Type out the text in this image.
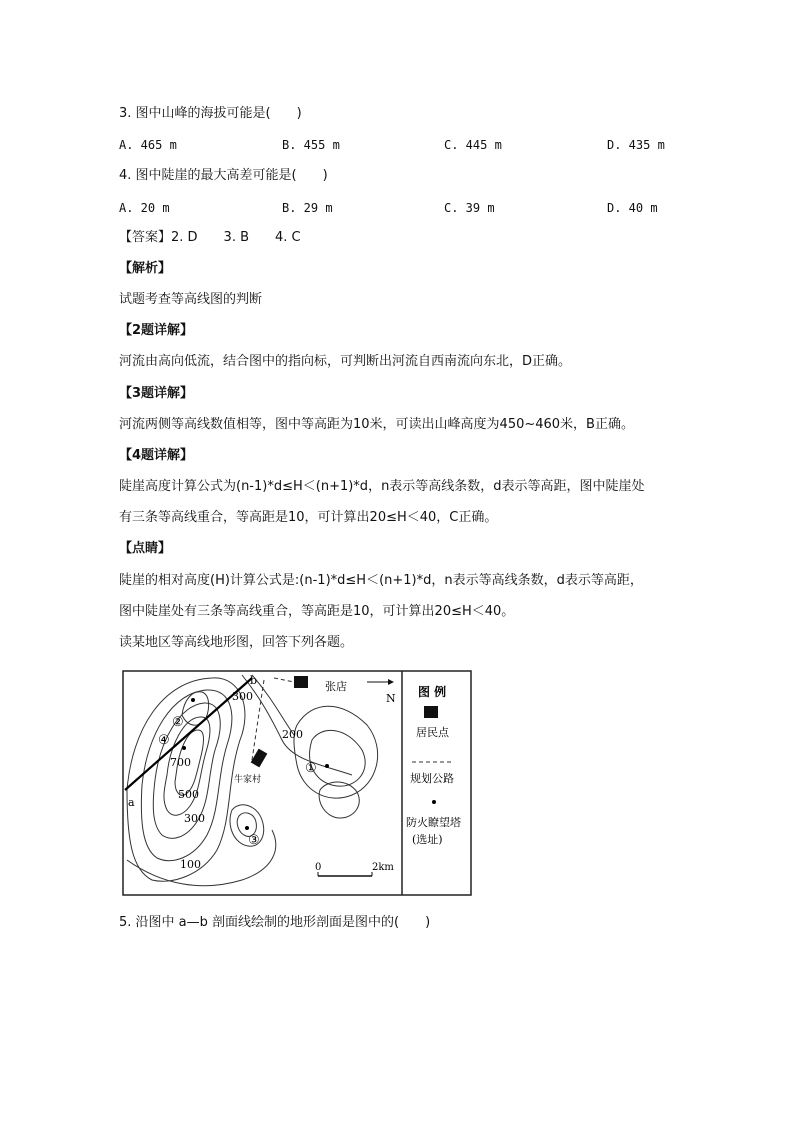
3. 图中山峰的海拔可能是(　　)
A. 465 m	B. 455 m	C. 445 m	D. 435 m
4. 图中陡崖的最大高差可能是(　　)
A. 20 m	B. 29 m	C. 39 m	D. 40 m
【答案】2. D　　3. B　　4. C
【解析】
试题考查等高线图的判断
【2题详解】
河流由高向低流，结合图中的指向标，可判断出河流自西南流向东北，D正确。
【3题详解】
河流两侧等高线数值相等，图中等高距为10米，可读出山峰高度为450~460米，B正确。
【4题详解】
陡崖高度计算公式为(n-1)*d≤H＜(n+1)*d，n表示等高线条数，d表示等高距，图中陡崖处
有三条等高线重合，等高距是10，可计算出20≤H＜40，C正确。
【点睛】
陡崖的相对高度(H)计算公式是:(n-1)*d≤H＜(n+1)*d，n表示等高线条数，d表示等高距，
图中陡崖处有三条等高线重合，等高距是10，可计算出20≤H＜40。
读某地区等高线地形图，回答下列各题。
300
200
700
500
300
100
①
②
③
④
a
b	张店
牛家村
N
0	2km
图 例
居民点
规划公路
防火瞭望塔
(选址)
5. 沿图中 a—b 剖面线绘制的地形剖面是图中的(　　)
